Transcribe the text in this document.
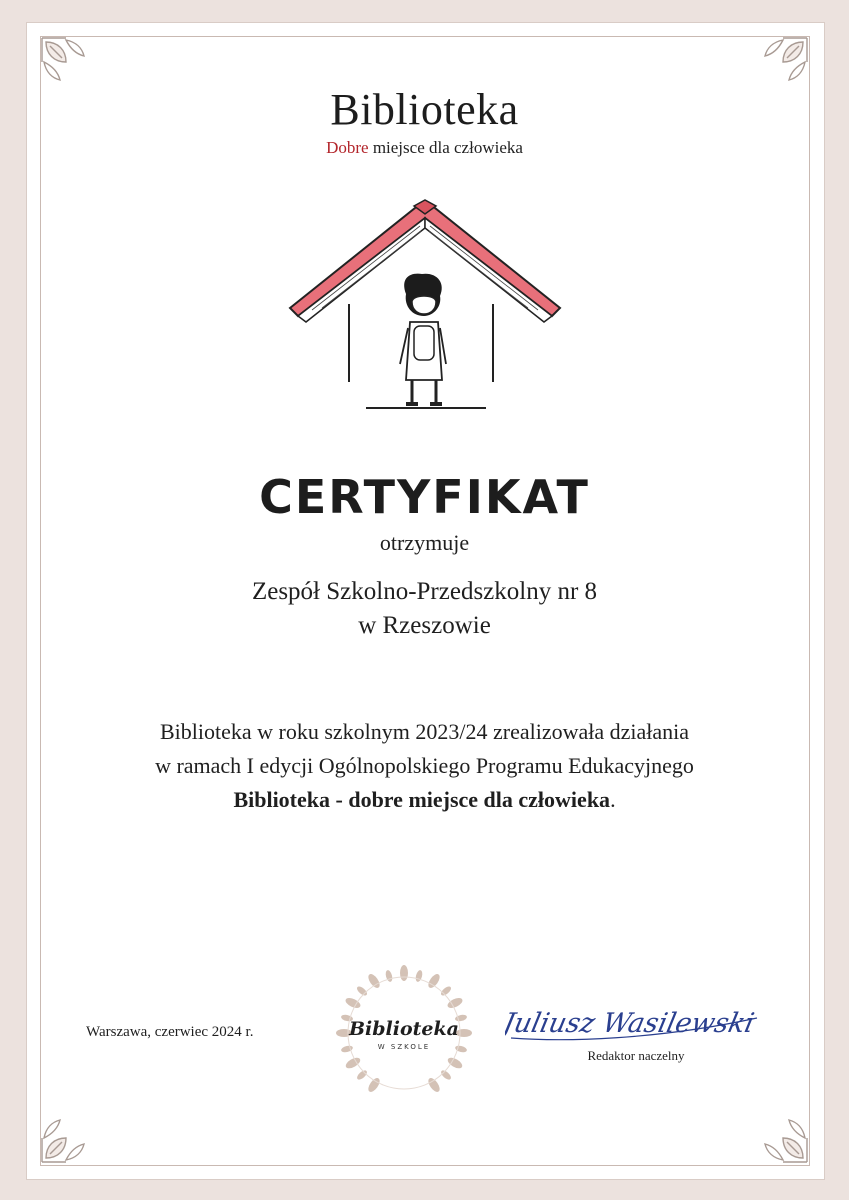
Biblioteka
Dobre miejsce dla człowieka
CERTYFIKAT
otrzymuje
Zespół Szkolno-Przedszkolny nr 8
w Rzeszowie
Biblioteka w roku szkolnym 2023/24 zrealizowała działania
w ramach I edycji Ogólnopolskiego Programu Edukacyjnego
Biblioteka - dobre miejsce dla człowieka.
Warszawa, czerwiec 2024 r.	Biblioteka
W SZKOLE
Juliusz Wasilewski
Redaktor naczelny
